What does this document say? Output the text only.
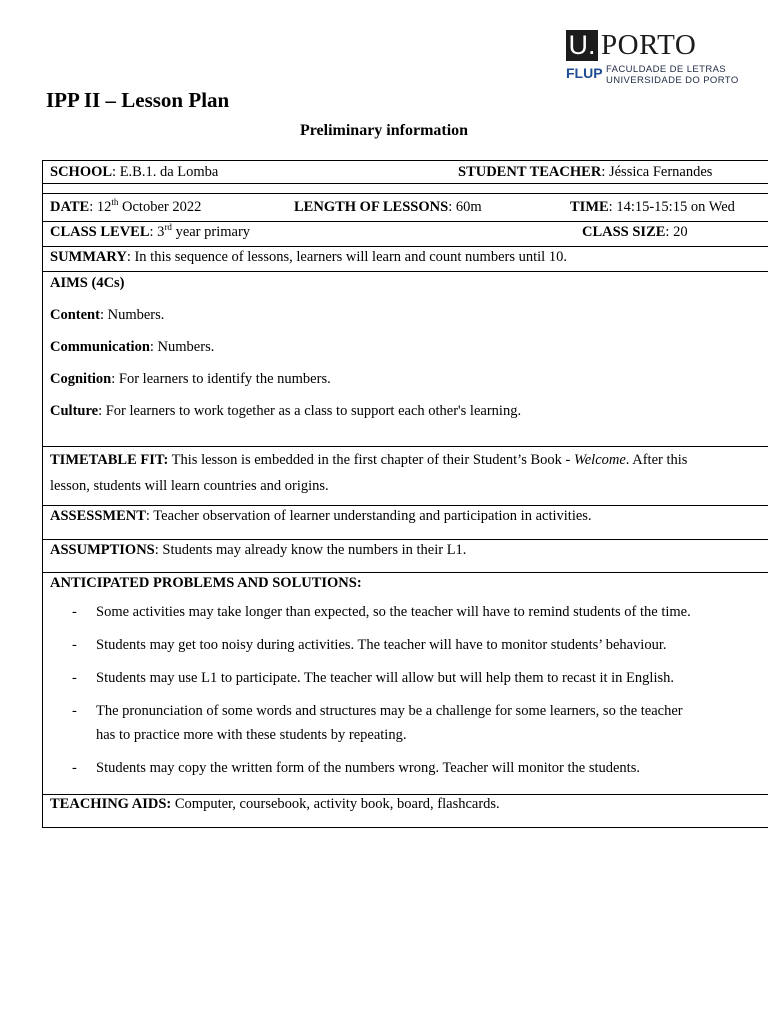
U. PORTO
FLUP FACULDADE DE LETRAS
UNIVERSIDADE DO PORTO
IPP II – Lesson Plan
Preliminary information
SCHOOL: E.B.1. da Lomba	STUDENT TEACHER: Jéssica Fernandes
DATE: 12th October 2022	LENGTH OF LESSONS: 60m	TIME: 14:15-15:15 on Wed
CLASS LEVEL: 3rd year primary	CLASS SIZE: 20
SUMMARY: In this sequence of lessons, learners will learn and count numbers until 10.

AIMS (4Cs)

Content: Numbers.

Communication: Numbers.

Cognition: For learners to identify the numbers.

Culture: For learners to work together as a class to support each other's learning.

TIMETABLE FIT: This lesson is embedded in the first chapter of their Student’s Book - Welcome. After this

lesson, students will learn countries and origins.

ASSESSMENT: Teacher observation of learner understanding and participation in activities.
ASSUMPTIONS: Students may already know the numbers in their L1.

ANTICIPATED PROBLEMS AND SOLUTIONS:

- Some activities may take longer than expected, so the teacher will have to remind students of the time.
- Students may get too noisy during activities. The teacher will have to monitor students’ behaviour.
- Students may use L1 to participate. The teacher will allow but will help them to recast it in English.
- The pronunciation of some words and structures may be a challenge for some learners, so the teacher
has to practice more with these students by repeating.
- Students may copy the written form of the numbers wrong. Teacher will monitor the students.
TEACHING AIDS: Computer, coursebook, activity book, board, flashcards.
